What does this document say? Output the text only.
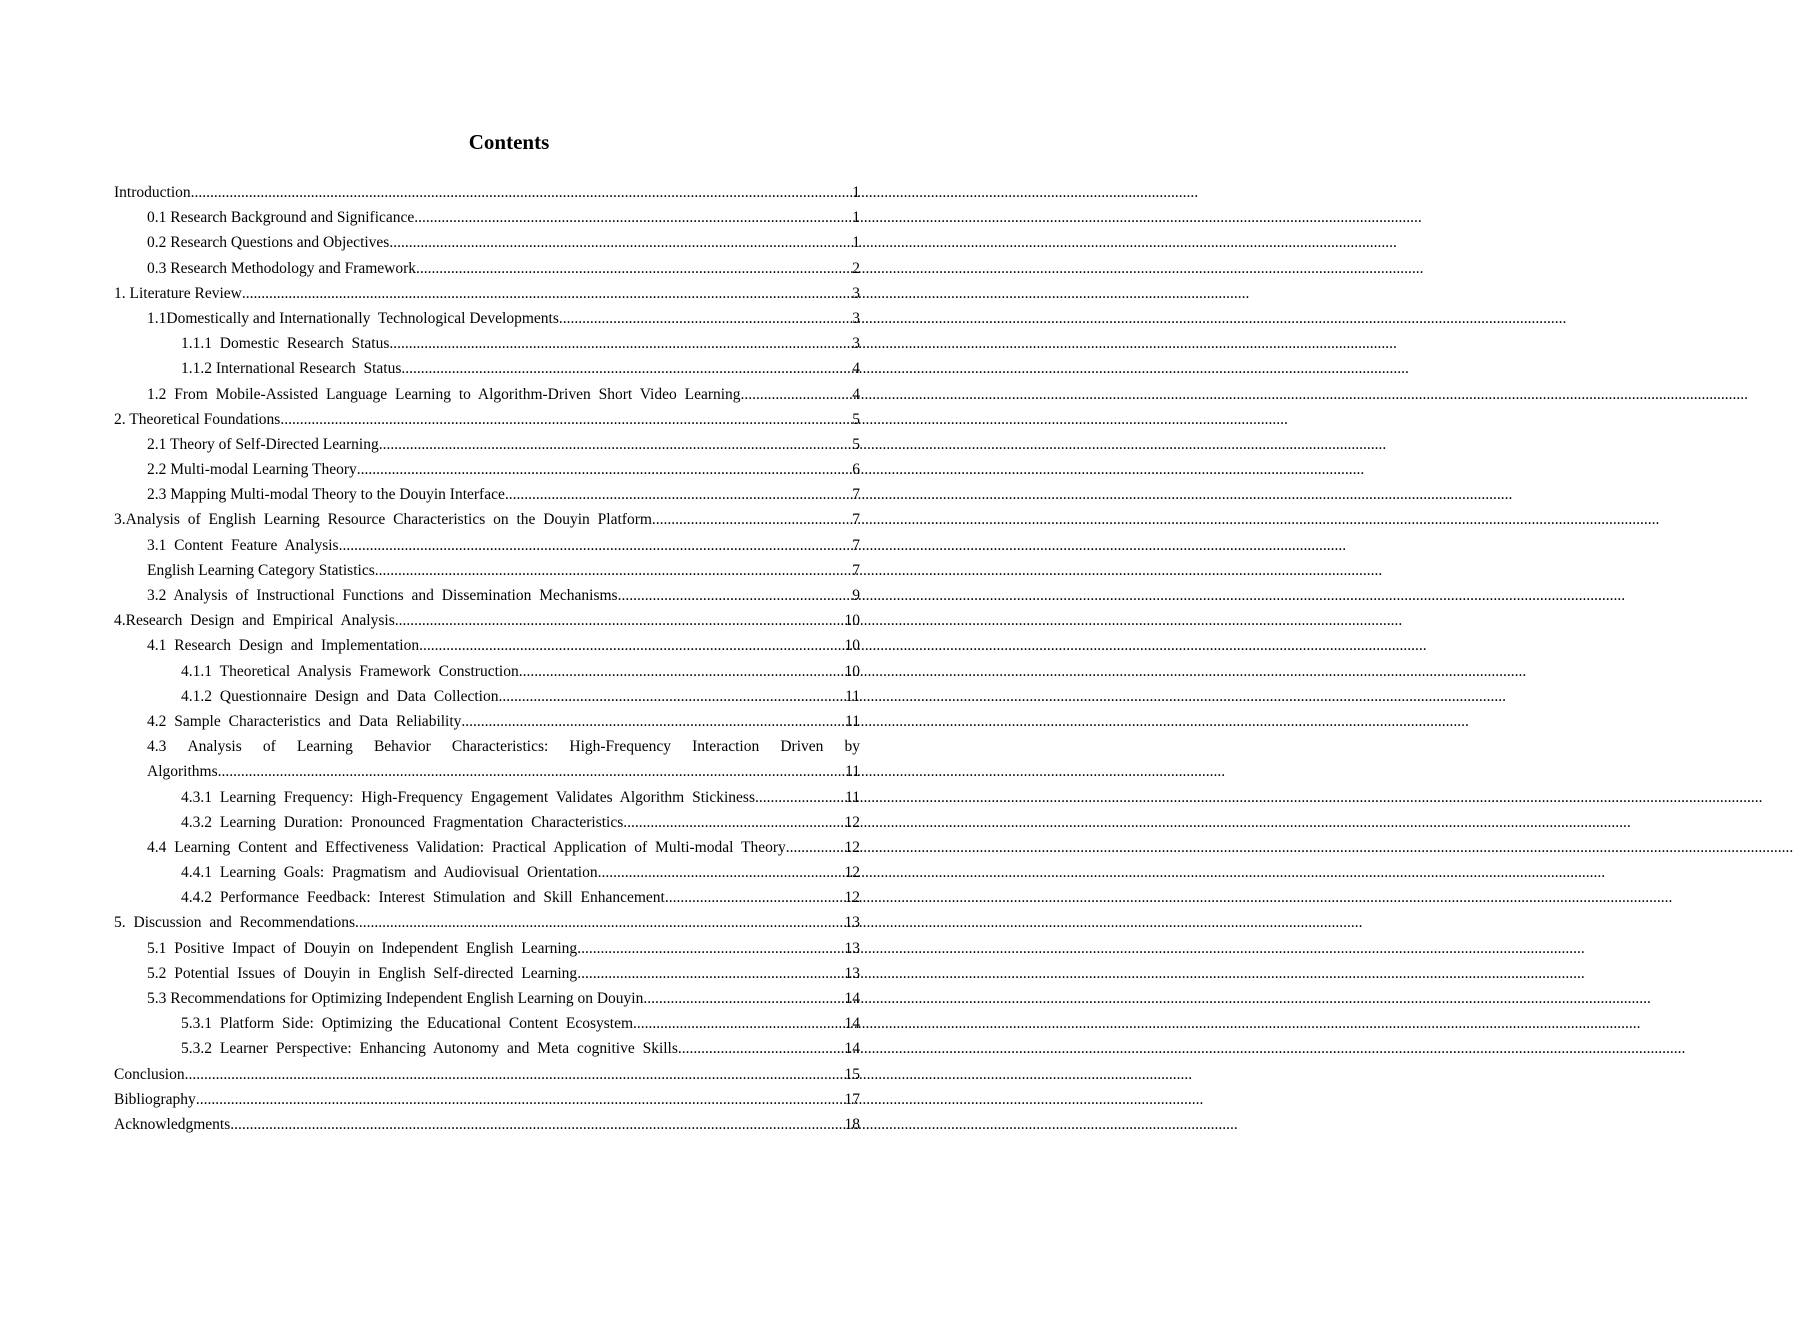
Contents
Introduction .....	1
0.1 Research Background and Significance .....	1
0.2 Research Questions and Objectives .....	1
0.3 Research Methodology and Framework .....	2
1. Literature Review .....	3
1.1Domestically and Internationally  Technological Developments .....	3
1.1.1  Domestic  Research  Status .....	3
1.1.2 International Research  Status .....	4
1.2 From Mobile-Assisted Language Learning to Algorithm-Driven Short Video Learning .....	4
2. Theoretical Foundations .....	5
2.1 Theory of Self-Directed Learning .....	5
2.2 Multi-modal Learning Theory .....	6
2.3 Mapping Multi-modal Theory to the Douyin Interface .....	7
3.Analysis of English Learning Resource Characteristics on the Douyin Platform .....	7
3.1  Content  Feature  Analysis .....	7
English Learning Category Statistics .....	7
3.2 Analysis of Instructional Functions and Dissemination Mechanisms .....	9
4.Research Design and Empirical Analysis .....	10
4.1 Research Design and Implementation .....	10
4.1.1 Theoretical Analysis Framework Construction .....	10
4.1.2 Questionnaire Design and Data Collection .....	11
4.2 Sample Characteristics and Data Reliability .....	11
4.3 Analysis of Learning Behavior Characteristics: High-Frequency Interaction Driven by
Algorithms .....	11
4.3.1 Learning Frequency: High-Frequency Engagement Validates Algorithm Stickiness .....	11
4.3.2 Learning Duration: Pronounced Fragmentation Characteristics .....	12
4.4 Learning Content and Effectiveness Validation: Practical Application of Multi-modal Theory .....	12
4.4.1 Learning Goals: Pragmatism and Audiovisual Orientation .....	12
4.4.2 Performance Feedback: Interest Stimulation and Skill Enhancement .....	12
5. Discussion and Recommendations .....	13
5.1 Positive Impact of Douyin on Independent English Learning .....	13
5.2 Potential Issues of Douyin in English Self-directed Learning .....	13
5.3 Recommendations for Optimizing Independent English Learning on Douyin .....	14
5.3.1 Platform Side: Optimizing the Educational Content Ecosystem .....	14
5.3.2 Learner Perspective: Enhancing Autonomy and Meta cognitive Skills .....	14
Conclusion .....	15
Bibliography .....	17
Acknowledgments .....	18
